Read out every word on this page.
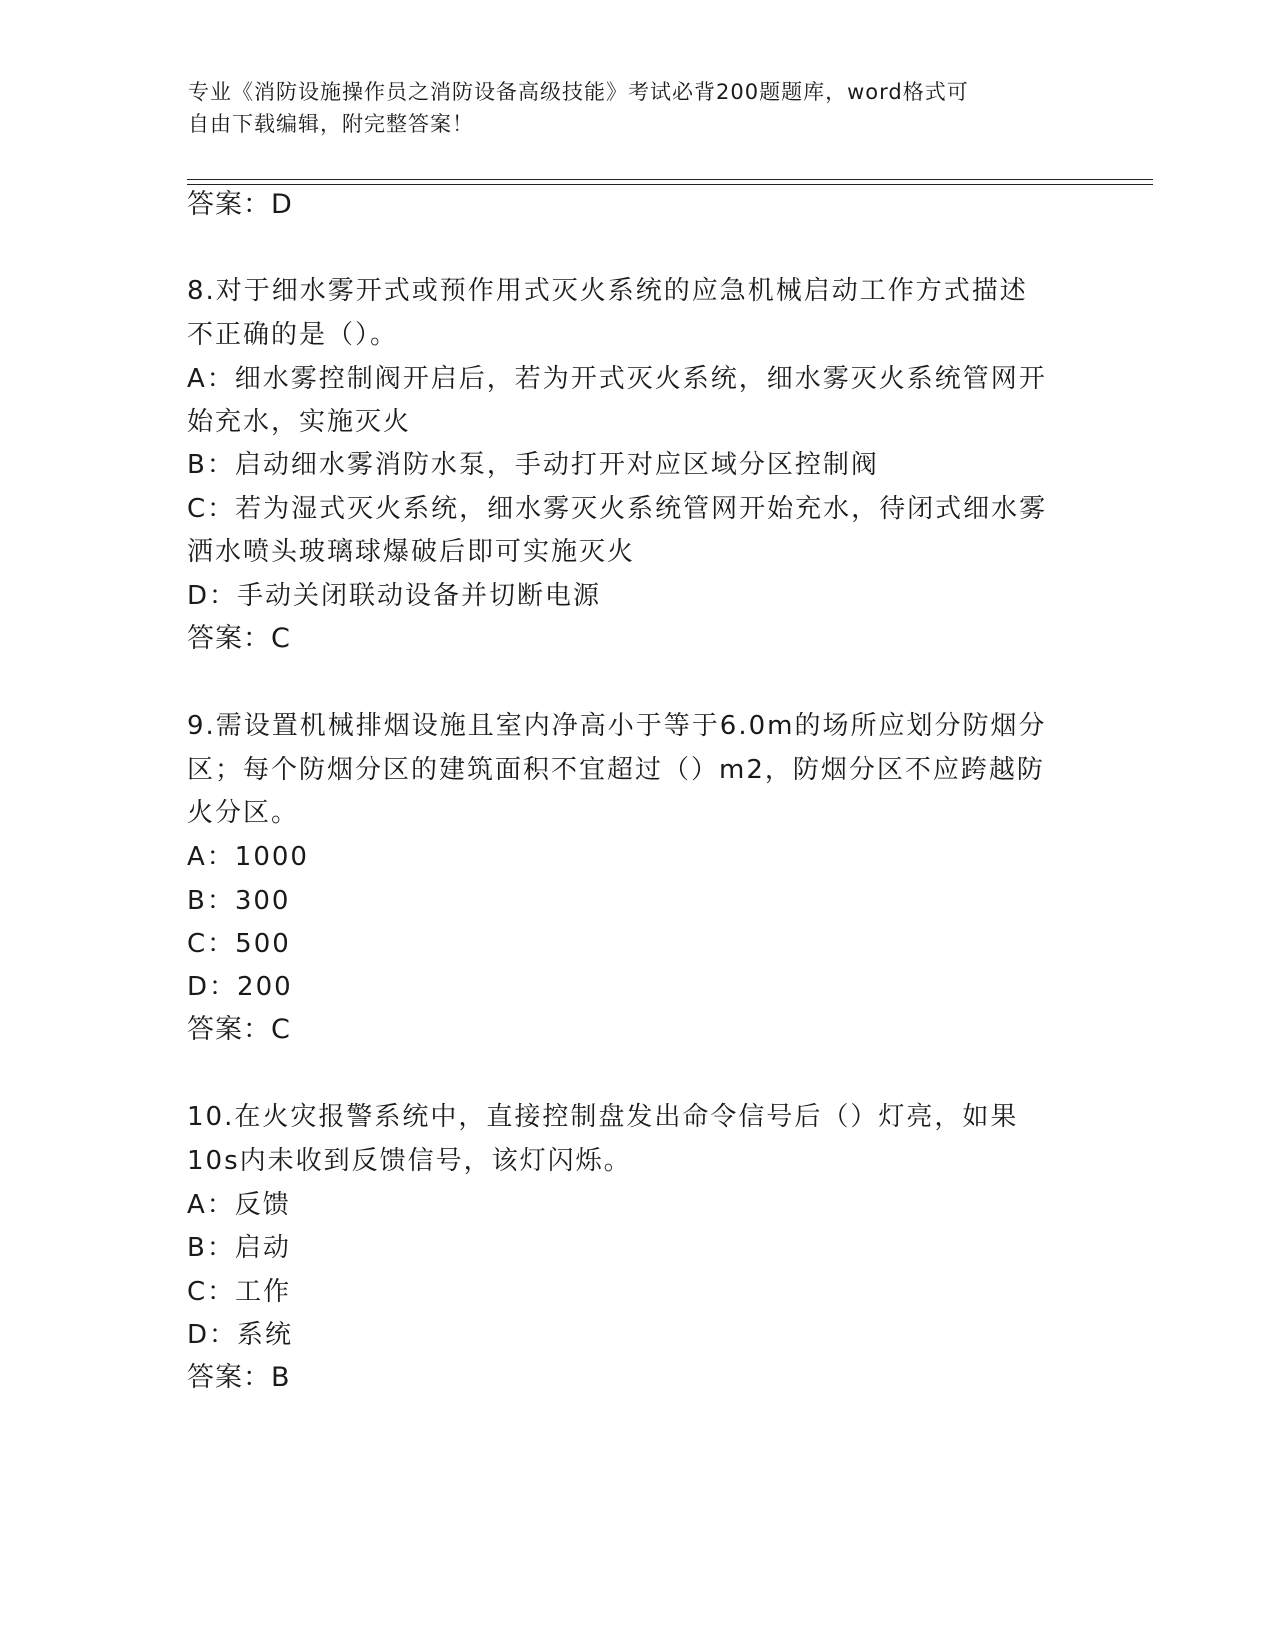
专业《消防设施操作员之消防设备高级技能》考试必背200题题库，word格式可
自由下载编辑，附完整答案！
答案：D
8.对于细水雾开式或预作用式灭火系统的应急机械启动工作方式描述
不正确的是（）。
A：细水雾控制阀开启后，若为开式灭火系统，细水雾灭火系统管网开
始充水，实施灭火
B：启动细水雾消防水泵，手动打开对应区域分区控制阀
C：若为湿式灭火系统，细水雾灭火系统管网开始充水，待闭式细水雾
洒水喷头玻璃球爆破后即可实施灭火
D：手动关闭联动设备并切断电源
答案：C
9.需设置机械排烟设施且室内净高小于等于6.0m的场所应划分防烟分
区；每个防烟分区的建筑面积不宜超过（）m2，防烟分区不应跨越防
火分区。
A：1000
B：300
C：500
D：200
答案：C
10.在火灾报警系统中，直接控制盘发出命令信号后（）灯亮，如果
10s内未收到反馈信号，该灯闪烁。
A：反馈
B：启动
C：工作
D：系统
答案：B
